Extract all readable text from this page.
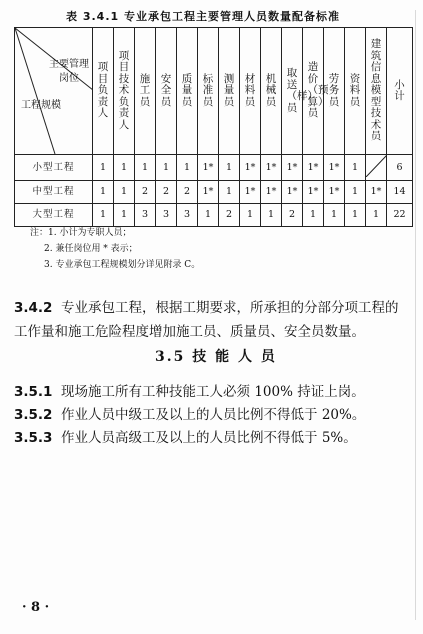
表 3.4.1 专业承包工程主要管理人员数量配备标准
主要管理岗位
工程规模	项目负责人	项目技术负责人	施工员	安全员	质量员	标准员	测量员	材料员	机械员	取送（样）员	造价（预算）员	劳务员	资料员	建筑信息模型技术员	小计
小型工程	1	1	1	1	1	1*	1	1*	1*	1*	1*	1*	1		6
中型工程	1	1	2	2	2	1*	1	1*	1*	1*	1*	1*	1	1*	14
大型工程	1	1	3	3	3	1	2	1	1	2	1	1	1	1	22
注：1. 小计为专职人员；
2. 兼任岗位用 * 表示；
3. 专业承包工程规模划分详见附录 C。
3.4.2 专业承包工程，根据工期要求，所承担的分部分项工程的
工作量和施工危险程度增加施工员、质量员、安全员数量。
3.5 技 能 人 员
3.5.1 现场施工所有工种技能工人必须 100% 持证上岗。
3.5.2 作业人员中级工及以上的人员比例不得低于 20%。
3.5.3 作业人员高级工及以上的人员比例不得低于 5%。
· 8 ·
